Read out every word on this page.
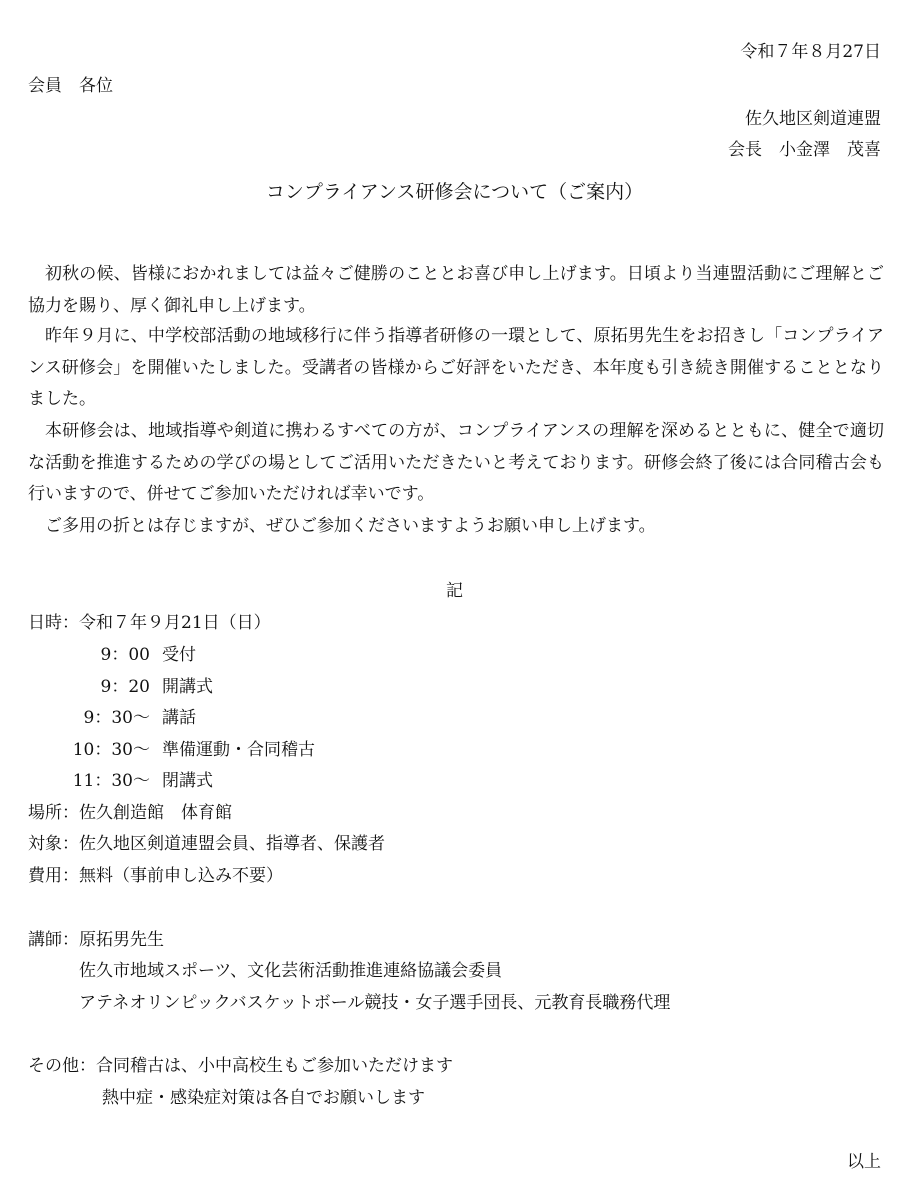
令和７年８月27日
会員　各位
佐久地区剣道連盟
会長　小金澤　茂喜
コンプライアンス研修会について（ご案内）
初秋の候、皆様におかれましては益々ご健勝のこととお喜び申し上げます。日頃より当連盟活動にご理解とご協力を賜り、厚く御礼申し上げます。
昨年９月に、中学校部活動の地域移行に伴う指導者研修の一環として、原拓男先生をお招きし「コンプライアンス研修会」を開催いたしました。受講者の皆様からご好評をいただき、本年度も引き続き開催することとなりました。
本研修会は、地域指導や剣道に携わるすべての方が、コンプライアンスの理解を深めるとともに、健全で適切な活動を推進するための学びの場としてご活用いただきたいと考えております。研修会終了後には合同稽古会も行いますので、併せてご参加いただければ幸いです。
ご多用の折とは存じますが、ぜひご参加くださいますようお願い申し上げます。
記
日時：令和７年９月21日（日）
9：00 受付
9：20 開講式
9：30～ 講話
10：30～ 準備運動・合同稽古
11：30～ 閉講式
場所：佐久創造館　体育館
対象：佐久地区剣道連盟会員、指導者、保護者
費用：無料（事前申し込み不要）
講師：原拓男先生
佐久市地域スポーツ、文化芸術活動推進連絡協議会委員
アテネオリンピックバスケットボール競技・女子選手団長、元教育長職務代理
その他：合同稽古は、小中高校生もご参加いただけます
熱中症・感染症対策は各自でお願いします
以上
